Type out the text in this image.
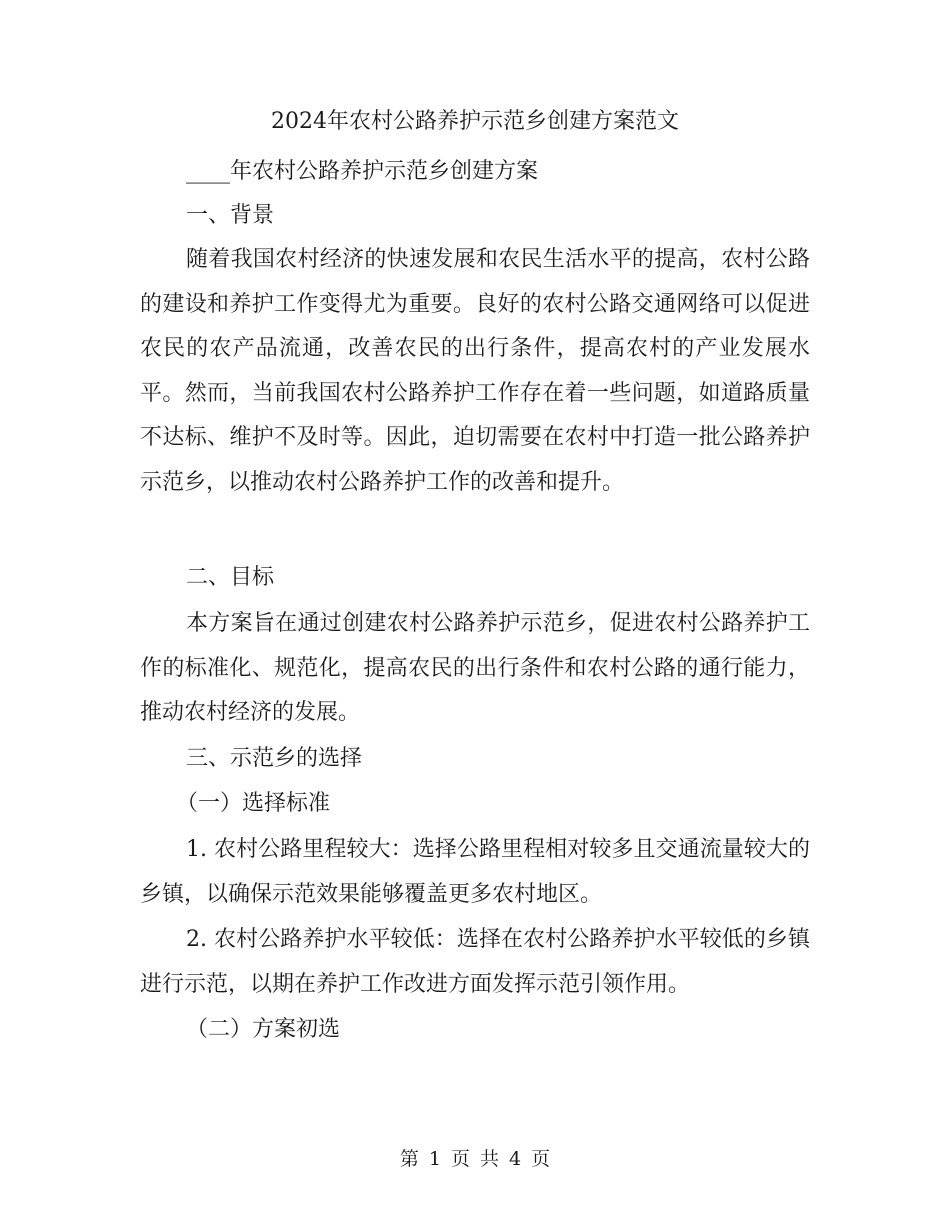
2024年农村公路养护示范乡创建方案范文

____年农村公路养护示范乡创建方案

一、背景

随着我国农村经济的快速发展和农民生活水平的提高，农村公路的建设和养护工作变得尤为重要。良好的农村公路交通网络可以促进农民的农产品流通，改善农民的出行条件，提高农村的产业发展水平。然而，当前我国农村公路养护工作存在着一些问题，如道路质量不达标、维护不及时等。因此，迫切需要在农村中打造一批公路养护示范乡，以推动农村公路养护工作的改善和提升。

二、目标

本方案旨在通过创建农村公路养护示范乡，促进农村公路养护工作的标准化、规范化，提高农民的出行条件和农村公路的通行能力，推动农村经济的发展。

三、示范乡的选择

（一）选择标准

1. 农村公路里程较大：选择公路里程相对较多且交通流量较大的乡镇，以确保示范效果能够覆盖更多农村地区。

2. 农村公路养护水平较低：选择在农村公路养护水平较低的乡镇进行示范，以期在养护工作改进方面发挥示范引领作用。

（二）方案初选

第 1 页 共 4 页
